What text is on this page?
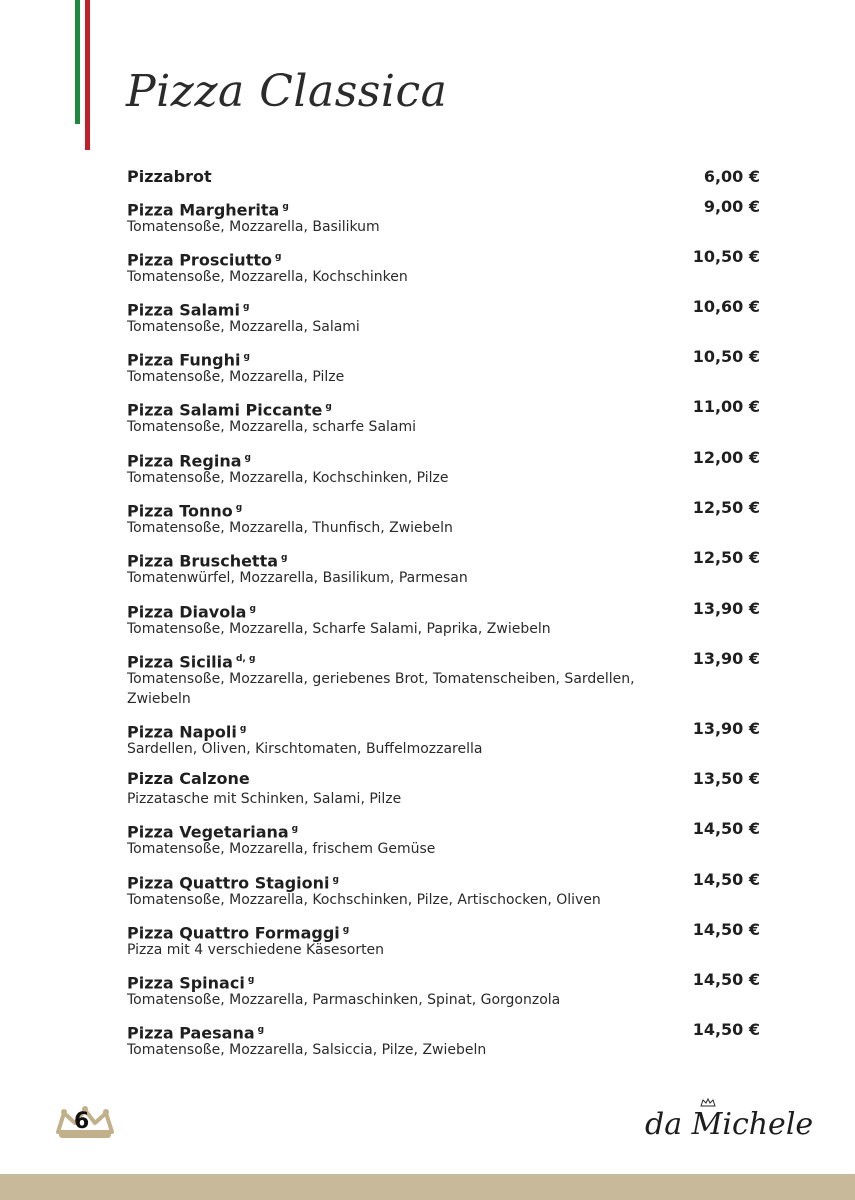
Pizza Classica
Pizzabrot	6,00 €
Pizza Margherita $^g$
Tomatensoße, Mozzarella, Basilikum
9,00 €
Pizza Prosciutto $^g$
Tomatensoße, Mozzarella, Kochschinken
10,50 €
Pizza Salami $^g$
Tomatensoße, Mozzarella, Salami
10,60 €
Pizza Funghi $^g$
Tomatensoße, Mozzarella, Pilze
10,50 €
Pizza Salami Piccante $^g$
Tomatensoße, Mozzarella, scharfe Salami
11,00 €
Pizza Regina $^g$
Tomatensoße, Mozzarella, Kochschinken, Pilze
12,00 €
Pizza Tonno $^g$
Tomatensoße, Mozzarella, Thunfisch, Zwiebeln
12,50 €
Pizza Bruschetta $^g$
Tomatenwürfel, Mozzarella, Basilikum, Parmesan
12,50 €
Pizza Diavola $^g$
Tomatensoße, Mozzarella, Scharfe Salami, Paprika, Zwiebeln
13,90 €
Pizza Sicilia $^{d, g}$
Tomatensoße, Mozzarella, geriebenes Brot, Tomatenscheiben, Sardellen, Zwiebeln
13,90 €
Pizza Napoli $^g$
Sardellen, Oliven, Kirschtomaten, Buffelmozzarella
13,90 €
Pizza Calzone
Pizzatasche mit Schinken, Salami, Pilze
13,50 €
Pizza Vegetariana $^g$
Tomatensoße, Mozzarella, frischem Gemüse
14,50 €
Pizza Quattro Stagioni $^g$
Tomatensoße, Mozzarella, Kochschinken, Pilze, Artischocken, Oliven
14,50 €
Pizza Quattro Formaggi $^g$
Pizza mit 4 verschiedene Käsesorten
14,50 €
Pizza Spinaci $^g$
Tomatensoße, Mozzarella, Parmaschinken, Spinat, Gorgonzola
14,50 €
Pizza Paesana $^g$
Tomatensoße, Mozzarella, Salsiccia, Pilze, Zwiebeln
14,50 €
6	da Michele
